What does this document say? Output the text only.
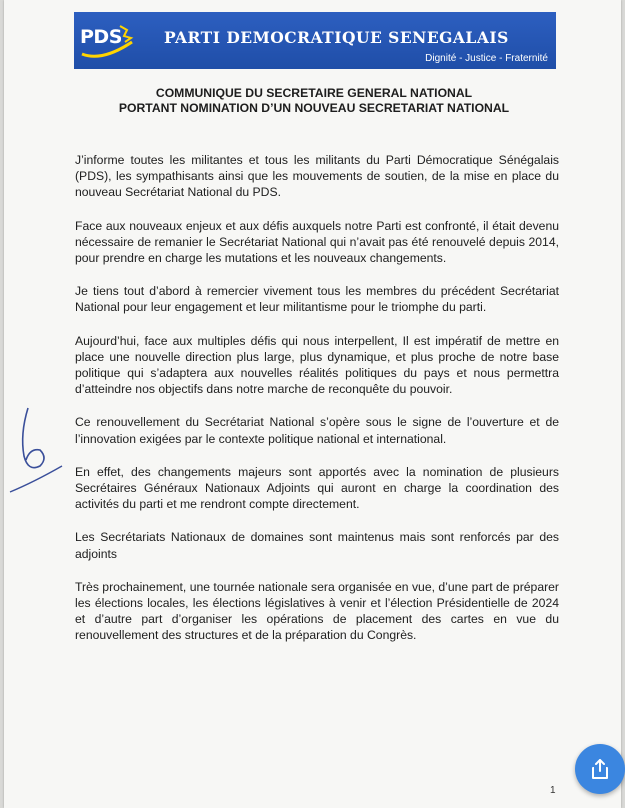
PDS	PARTI DEMOCRATIQUE SENEGALAIS
Dignité - Justice - Fraternité
COMMUNIQUE DU SECRETAIRE GENERAL NATIONAL
PORTANT NOMINATION D’UN NOUVEAU SECRETARIAT NATIONAL

J’informe toutes les militantes et tous les militants du Parti Démocratique Sénégalais (PDS), les sympathisants ainsi que les mouvements de soutien, de la mise en place du nouveau Secrétariat National du PDS.

Face aux nouveaux enjeux et aux défis auxquels notre Parti est confronté, il était devenu nécessaire de remanier le Secrétariat National qui n’avait pas été renouvelé depuis 2014, pour prendre en charge les mutations et les nouveaux changements.

Je tiens tout d’abord à remercier vivement tous les membres du précédent Secrétariat National pour leur engagement et leur militantisme pour le triomphe du parti.

Aujourd’hui, face aux multiples défis qui nous interpellent, Il est impératif de mettre en place une nouvelle direction plus large, plus dynamique, et plus proche de notre base politique qui s’adaptera aux nouvelles réalités politiques du pays et nous permettra d’atteindre nos objectifs dans notre marche de reconquête du pouvoir.

Ce renouvellement du Secrétariat National s’opère sous le signe de l’ouverture et de l’innovation exigées par le contexte politique national et international.

En effet, des changements majeurs sont apportés avec la nomination de plusieurs Secrétaires Généraux Nationaux Adjoints qui auront en charge la coordination des activités du parti et me rendront compte directement.

Les Secrétariats Nationaux de domaines sont maintenus mais sont renforcés par des adjoints

Très prochainement, une tournée nationale sera organisée en vue, d’une part de préparer les élections locales, les élections législatives à venir et l’élection Présidentielle de 2024 et d’autre part d’organiser les opérations de placement des cartes en vue du renouvellement des structures et de la préparation du Congrès.

1
